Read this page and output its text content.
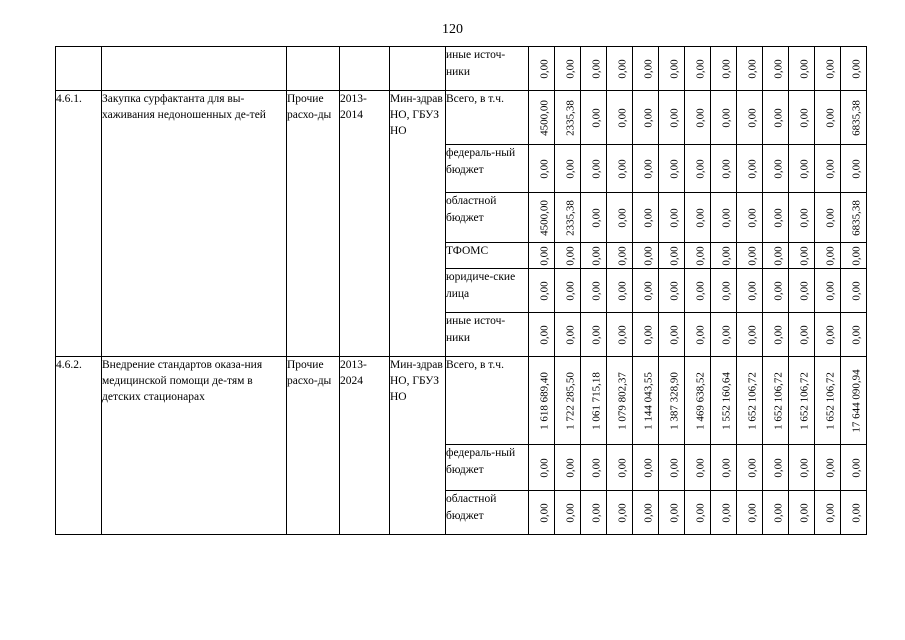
120
					иные источ-ники	0,00	0,00	0,00	0,00	0,00	0,00	0,00	0,00	0,00	0,00	0,00	0,00	0,00

4.6.1.	Закупка сурфактанта для вы-хаживания недоношенных де-тей	Прочие расхо-ды	2013-2014	Мин-здрав НО, ГБУЗ НО	Всего, в т.ч.	4500,00	2335,38	0,00	0,00	0,00	0,00	0,00	0,00	0,00	0,00	0,00	0,00	6835,38

					федераль-ный бюджет	0,00	0,00	0,00	0,00	0,00	0,00	0,00	0,00	0,00	0,00	0,00	0,00	0,00

					областной бюджет	4500,00	2335,38	0,00	0,00	0,00	0,00	0,00	0,00	0,00	0,00	0,00	0,00	6835,38

					ТФОМС	0,00	0,00	0,00	0,00	0,00	0,00	0,00	0,00	0,00	0,00	0,00	0,00	0,00

					юридиче-ские лица	0,00	0,00	0,00	0,00	0,00	0,00	0,00	0,00	0,00	0,00	0,00	0,00	0,00

					иные источ-ники	0,00	0,00	0,00	0,00	0,00	0,00	0,00	0,00	0,00	0,00	0,00	0,00	0,00

4.6.2.	Внедрение стандартов оказа-ния медицинской помощи де-тям в детских стационарах	Прочие расхо-ды	2013-2024	Мин-здрав НО, ГБУЗ НО	Всего, в т.ч.	1 618 689,40	1 722 285,50	1 061 715,18	1 079 802,37	1 144 043,55	1 387 328,90	1 469 638,52	1 552 160,64	1 652 106,72	1 652 106,72	1 652 106,72	1 652 106,72	17 644 090,94

					федераль-ный бюджет	0,00	0,00	0,00	0,00	0,00	0,00	0,00	0,00	0,00	0,00	0,00	0,00	0,00

					областной бюджет	0,00	0,00	0,00	0,00	0,00	0,00	0,00	0,00	0,00	0,00	0,00	0,00	0,00
